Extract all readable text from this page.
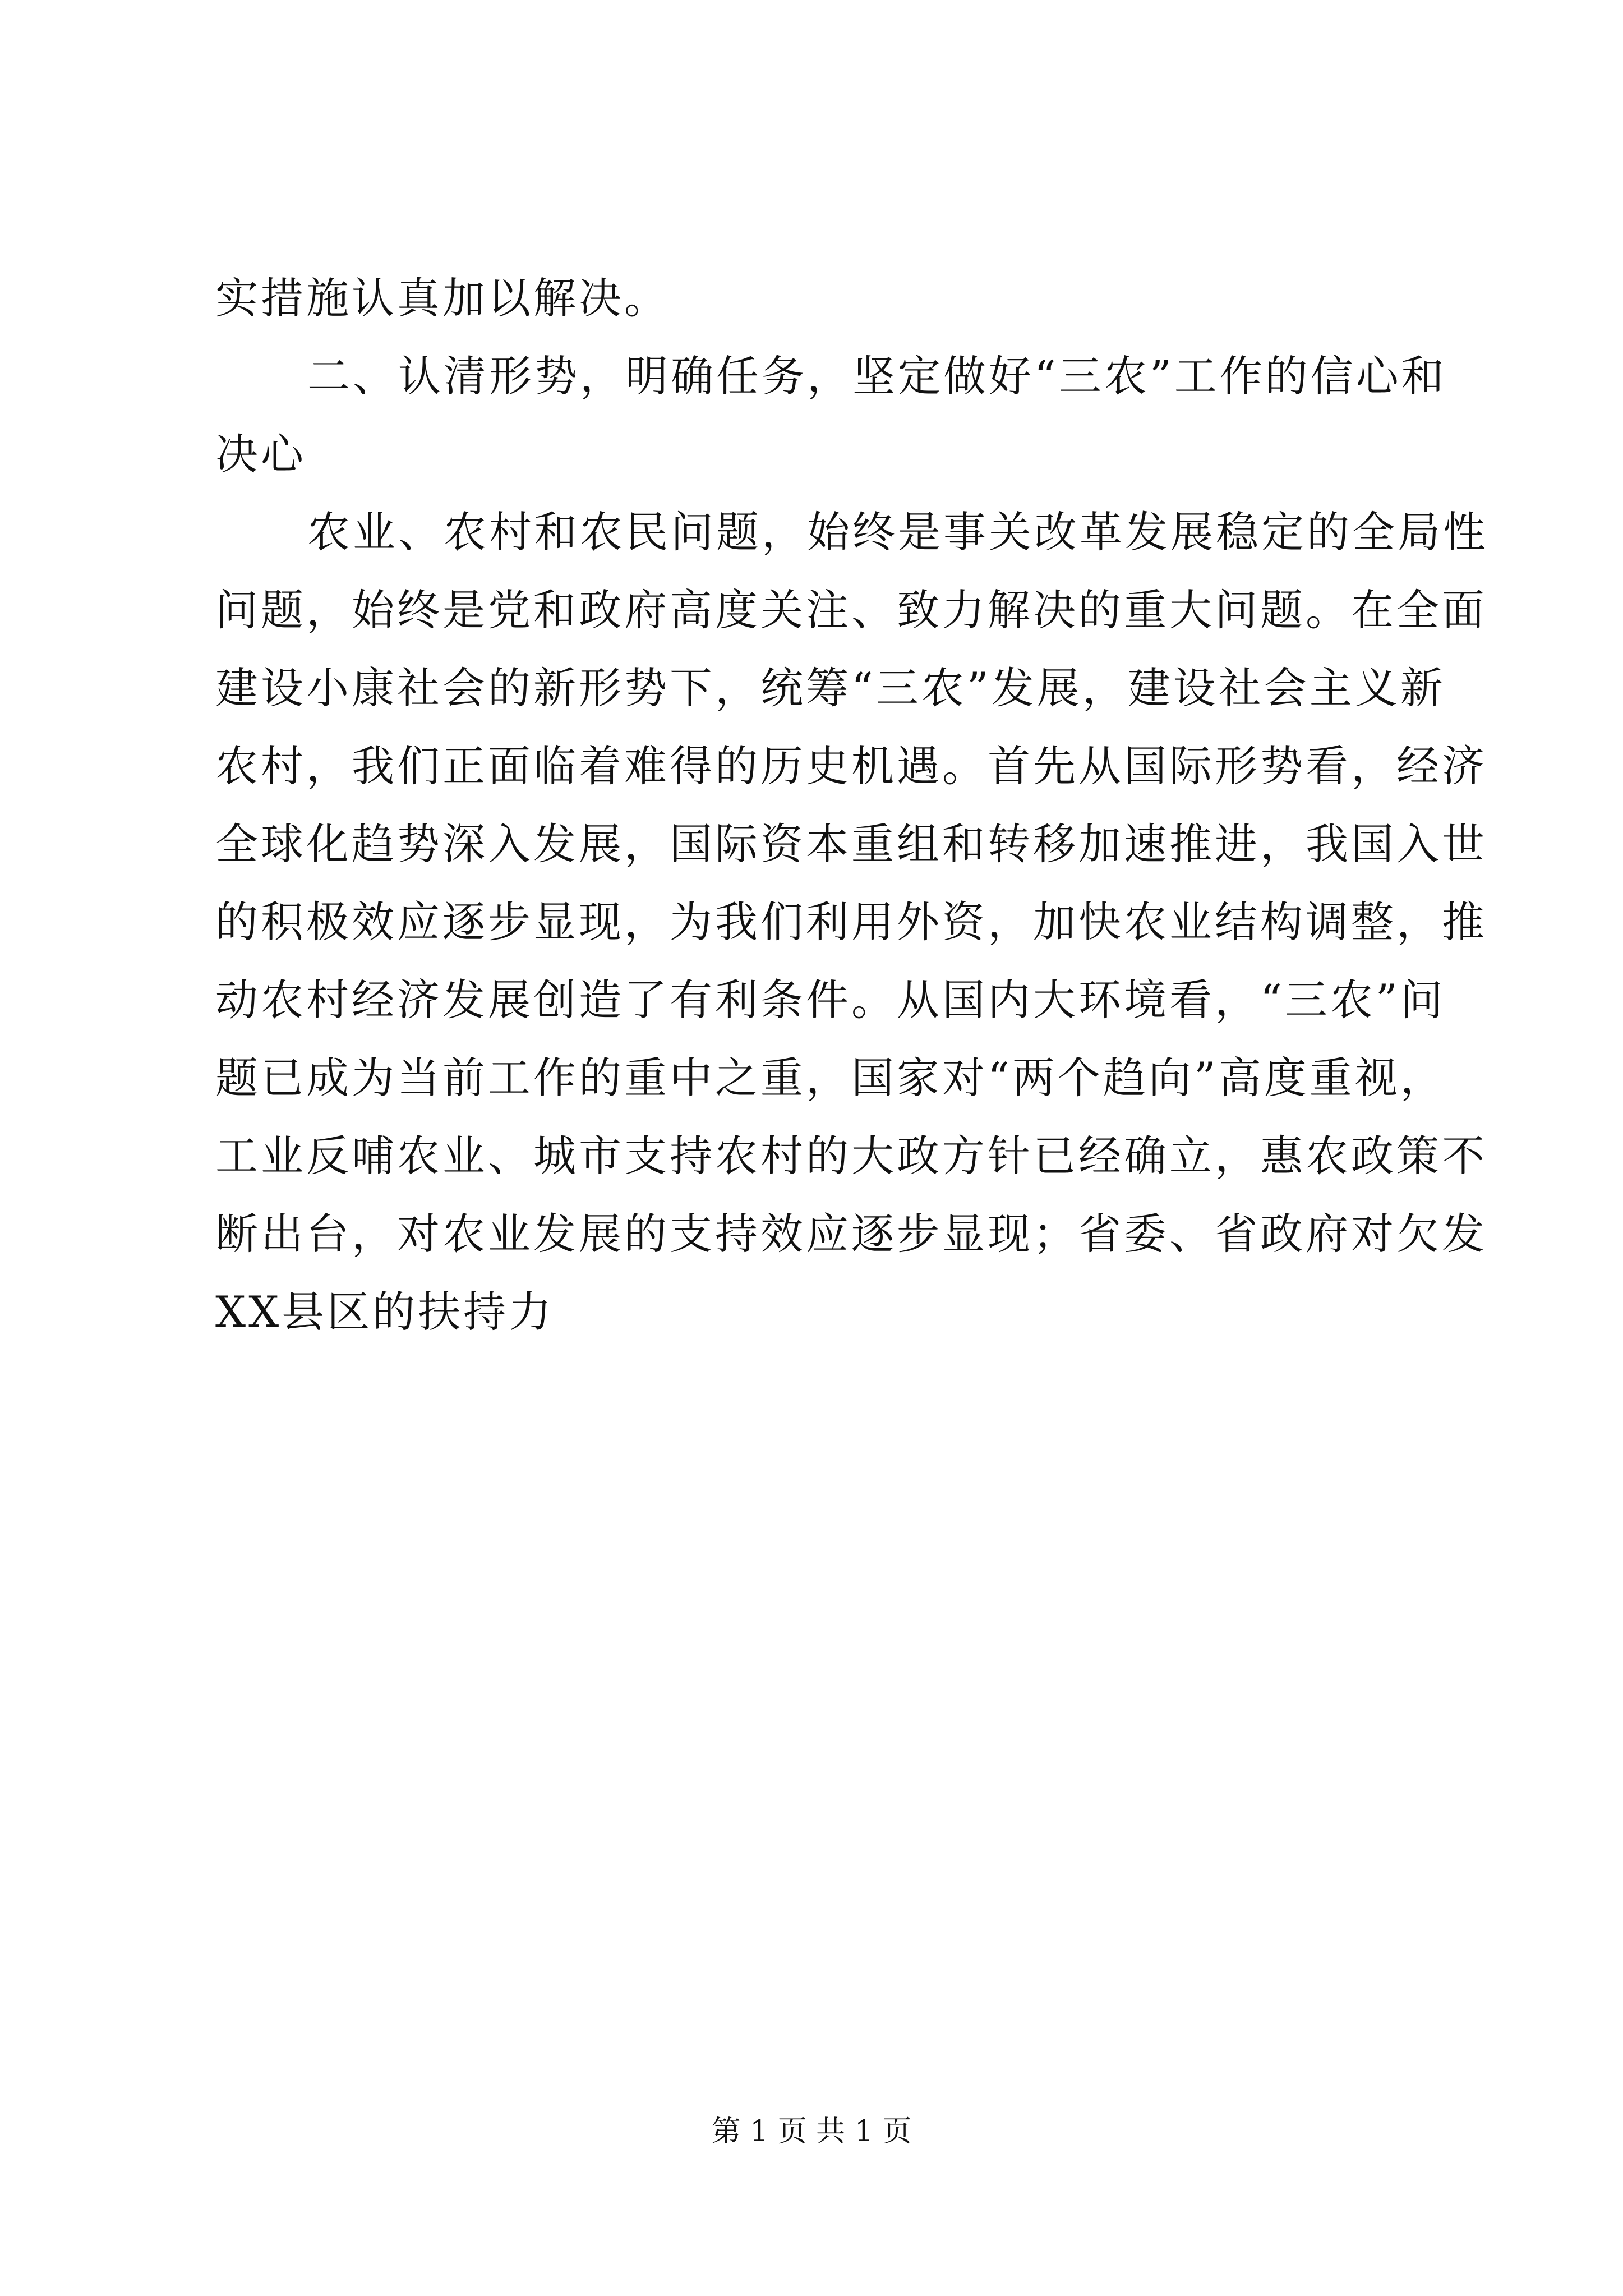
实措施认真加以解决。
二、认清形势，明确任务，坚定做好“三农”工作的信心和
决心
农业、农村和农民问题，始终是事关改革发展稳定的全局性
问题，始终是党和政府高度关注、致力解决的重大问题。在全面
建设小康社会的新形势下，统筹“三农”发展，建设社会主义新
农村，我们正面临着难得的历史机遇。首先从国际形势看，经济
全球化趋势深入发展，国际资本重组和转移加速推进，我国入世
的积极效应逐步显现，为我们利用外资，加快农业结构调整，推
动农村经济发展创造了有利条件。从国内大环境看，“三农”问
题已成为当前工作的重中之重，国家对“两个趋向”高度重视，
工业反哺农业、城市支持农村的大政方针已经确立，惠农政策不
断出台，对农业发展的支持效应逐步显现；省委、省政府对欠发
XX县区的扶持力
第 1 页 共 1 页
